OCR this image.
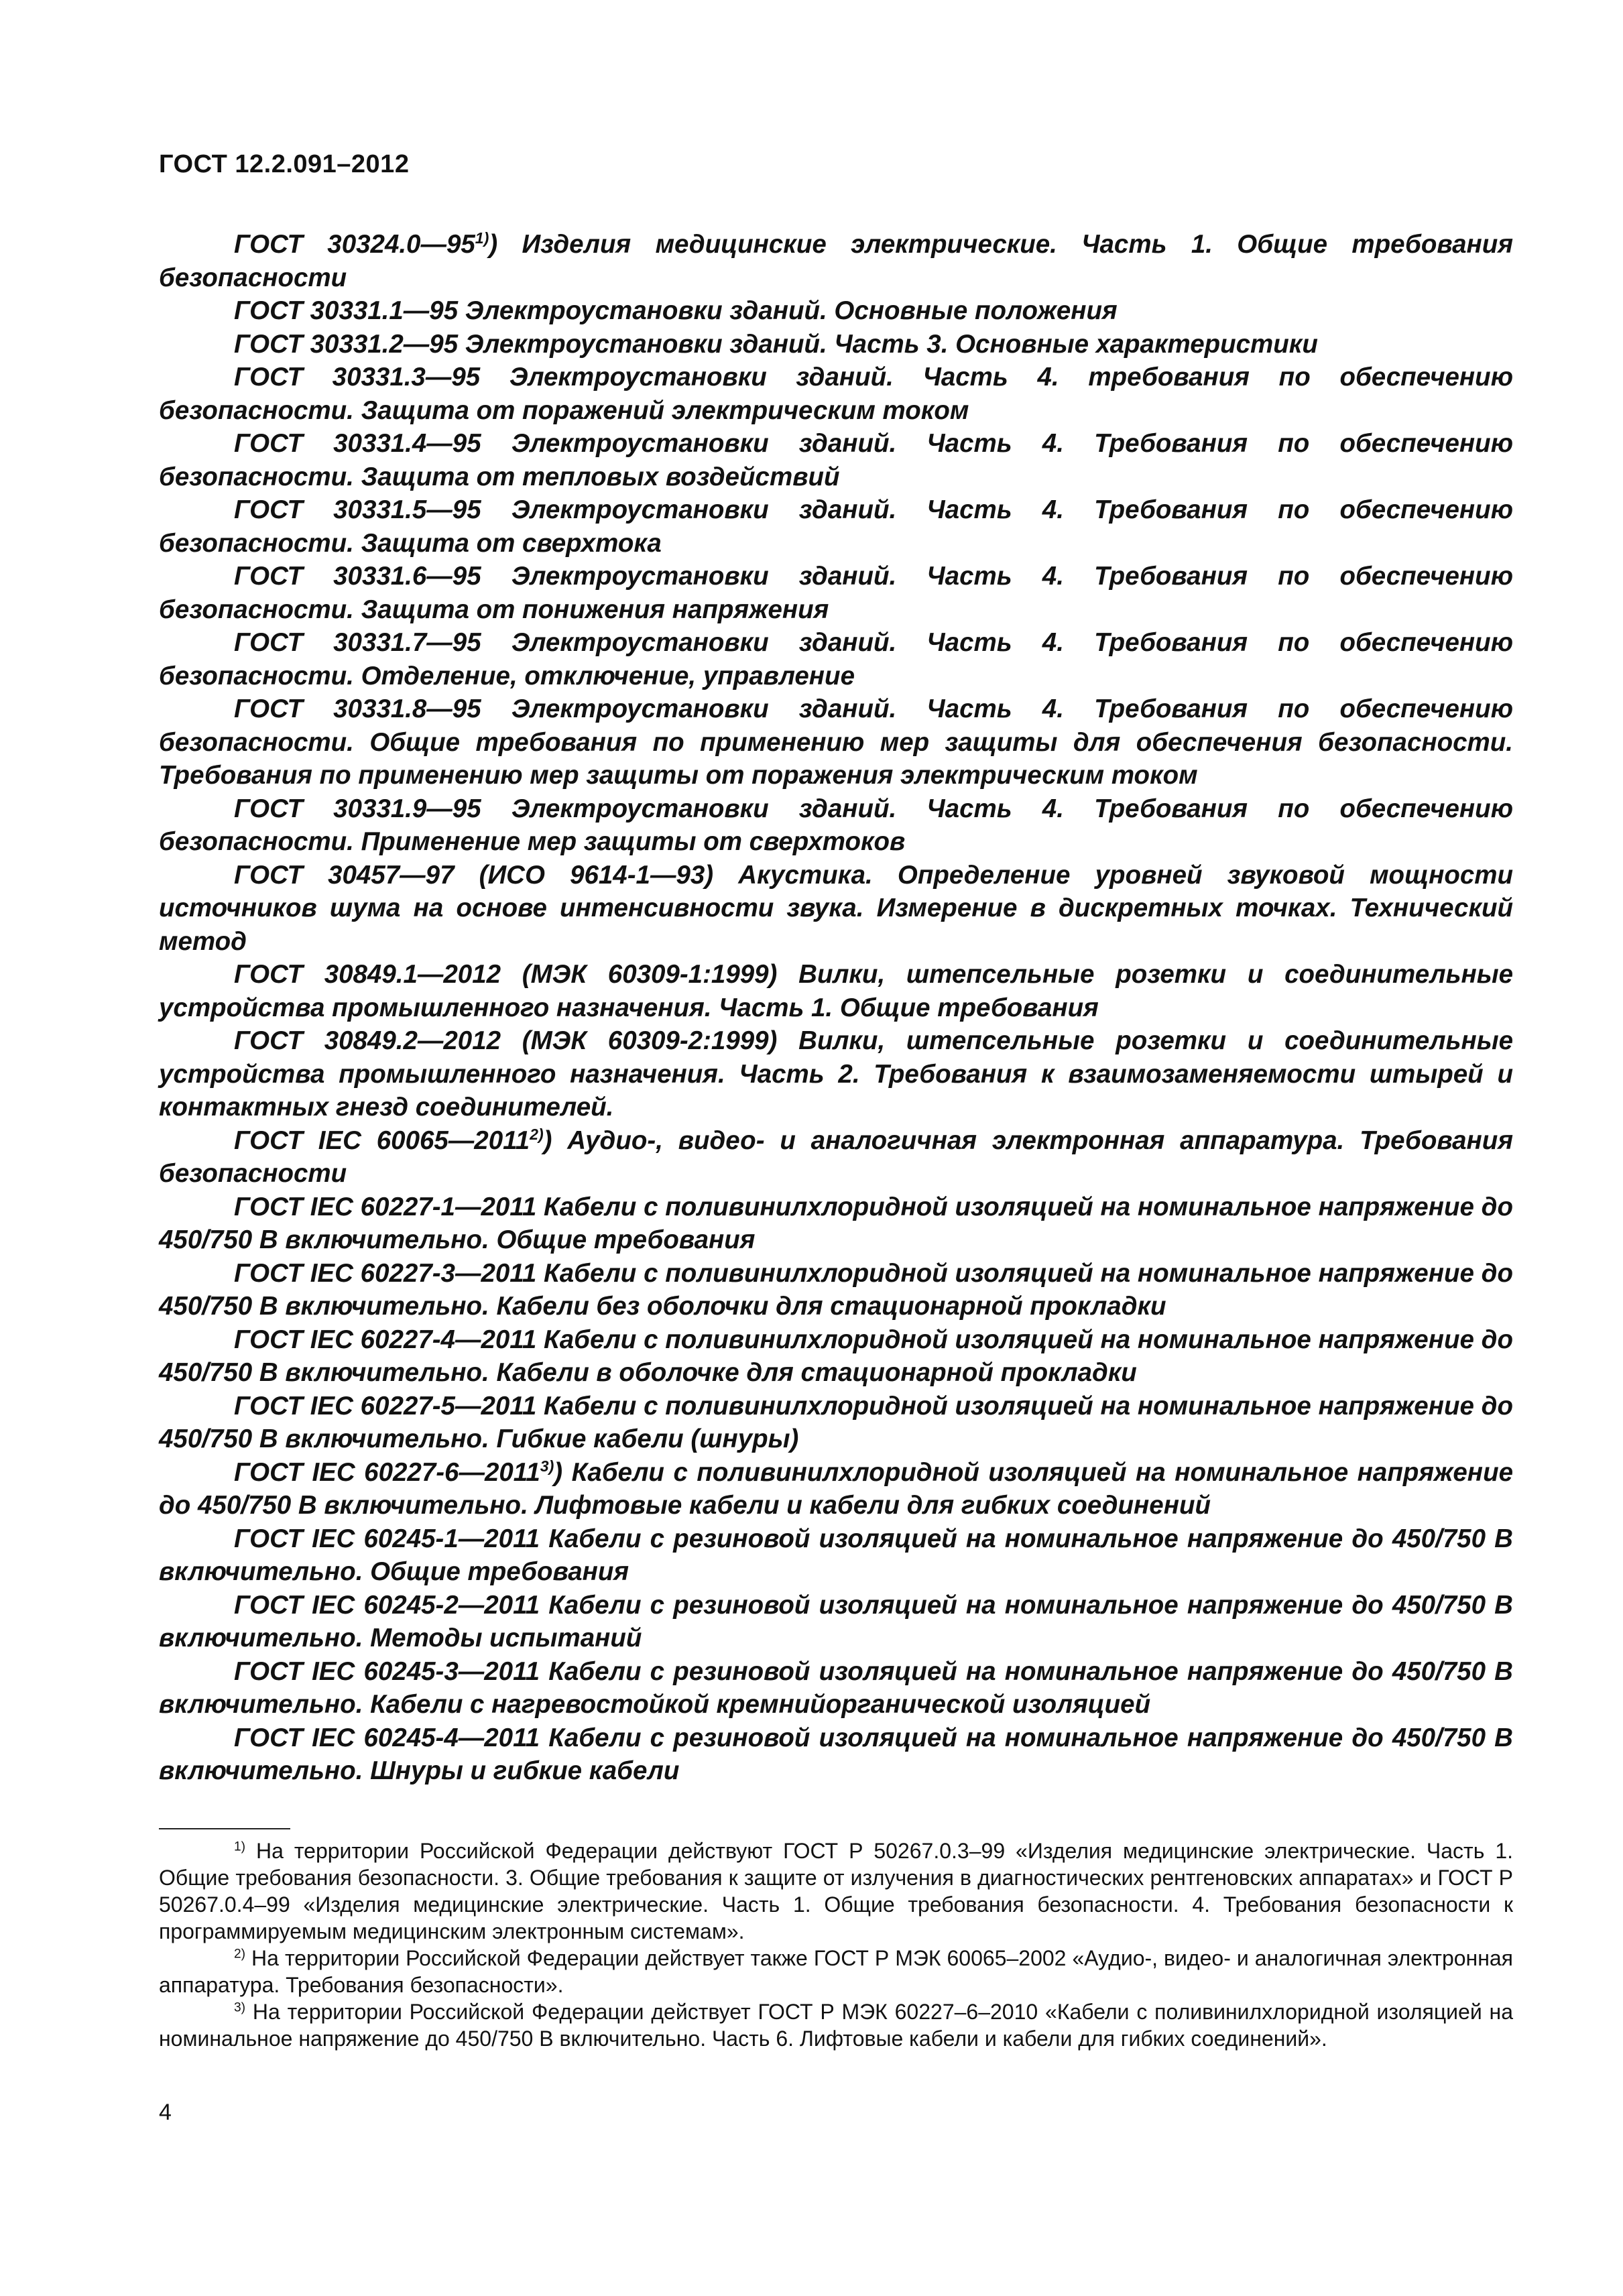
ГОСТ 12.2.091–2012

ГОСТ 30324.0—95$^{1)}$) Изделия медицинские электрические. Часть 1. Общие требования безопасности

ГОСТ 30331.1—95 Электроустановки зданий. Основные положения

ГОСТ 30331.2—95 Электроустановки зданий. Часть 3. Основные характеристики

ГОСТ 30331.3—95 Электроустановки зданий. Часть 4. требования по обеспечению безопасности. Защита от поражений электрическим током

ГОСТ 30331.4—95 Электроустановки зданий. Часть 4. Требования по обеспечению безопасности. Защита от тепловых воздействий

ГОСТ 30331.5—95 Электроустановки зданий. Часть 4. Требования по обеспечению безопасности. Защита от сверхтока

ГОСТ 30331.6—95 Электроустановки зданий. Часть 4. Требования по обеспечению безопасности. Защита от понижения напряжения

ГОСТ 30331.7—95 Электроустановки зданий. Часть 4. Требования по обеспечению безопасности. Отделение, отключение, управление

ГОСТ 30331.8—95 Электроустановки зданий. Часть 4. Требования по обеспечению безопасности. Общие требования по применению мер защиты для обеспечения безопасности. Требования по применению мер защиты от поражения электрическим током

ГОСТ 30331.9—95 Электроустановки зданий. Часть 4. Требования по обеспечению безопасности. Применение мер защиты от сверхтоков

ГОСТ 30457—97 (ИСО 9614-1—93) Акустика. Определение уровней звуковой мощности источников шума на основе интенсивности звука. Измерение в дискретных точках. Технический метод

ГОСТ 30849.1—2012 (МЭК 60309-1:1999) Вилки, штепсельные розетки и соединительные устройства промышленного назначения. Часть 1. Общие требования

ГОСТ 30849.2—2012 (МЭК 60309-2:1999) Вилки, штепсельные розетки и соединительные устройства промышленного назначения. Часть 2. Требования к взаимозаменяемости штырей и контактных гнезд соединителей.

ГОСТ IEC 60065—2011$^{2)}$) Аудио-, видео- и аналогичная электронная аппаратура. Требования безопасности

ГОСТ IEC 60227-1—2011 Кабели с поливинилхлоридной изоляцией на номинальное напряжение до 450/750 В включительно. Общие требования

ГОСТ IEC 60227-3—2011 Кабели с поливинилхлоридной изоляцией на номинальное напряжение до 450/750 В включительно. Кабели без оболочки для стационарной прокладки

ГОСТ IEC 60227-4—2011 Кабели с поливинилхлоридной изоляцией на номинальное напряжение до 450/750 В включительно. Кабели в оболочке для стационарной прокладки

ГОСТ IEC 60227-5—2011 Кабели с поливинилхлоридной изоляцией на номинальное напряжение до 450/750 В включительно. Гибкие кабели (шнуры)

ГОСТ IEC 60227-6—2011$^{3)}$) Кабели с поливинилхлоридной изоляцией на номинальное напряжение до 450/750 В включительно. Лифтовые кабели и кабели для гибких соединений

ГОСТ IEC 60245-1—2011 Кабели с резиновой изоляцией на номинальное напряжение до 450/750 В включительно. Общие требования

ГОСТ IEC 60245-2—2011 Кабели с резиновой изоляцией на номинальное напряжение до 450/750 В включительно. Методы испытаний

ГОСТ IEC 60245-3—2011 Кабели с резиновой изоляцией на номинальное напряжение до 450/750 В включительно. Кабели с нагревостойкой кремнийорганической изоляцией

ГОСТ IEC 60245-4—2011 Кабели с резиновой изоляцией на номинальное напряжение до 450/750 В включительно. Шнуры и гибкие кабели

$^{1)}$ На территории Российской Федерации действуют ГОСТ Р 50267.0.3–99 «Изделия медицинские электрические. Часть 1. Общие требования безопасности. 3. Общие требования к защите от излучения в диагностических рентгеновских аппаратах» и ГОСТ Р 50267.0.4–99 «Изделия медицинские электрические. Часть 1. Общие требования безопасности. 4. Требования безопасности к программируемым медицинским электронным системам».

$^{2)}$ На территории Российской Федерации действует также ГОСТ Р МЭК 60065–2002 «Аудио-, видео- и аналогичная электронная аппаратура. Требования безопасности».

$^{3)}$ На территории Российской Федерации действует ГОСТ Р МЭК 60227–6–2010 «Кабели с поливинилхлоридной изоляцией на номинальное напряжение до 450/750 В включительно. Часть 6. Лифтовые кабели и кабели для гибких соединений».

4
